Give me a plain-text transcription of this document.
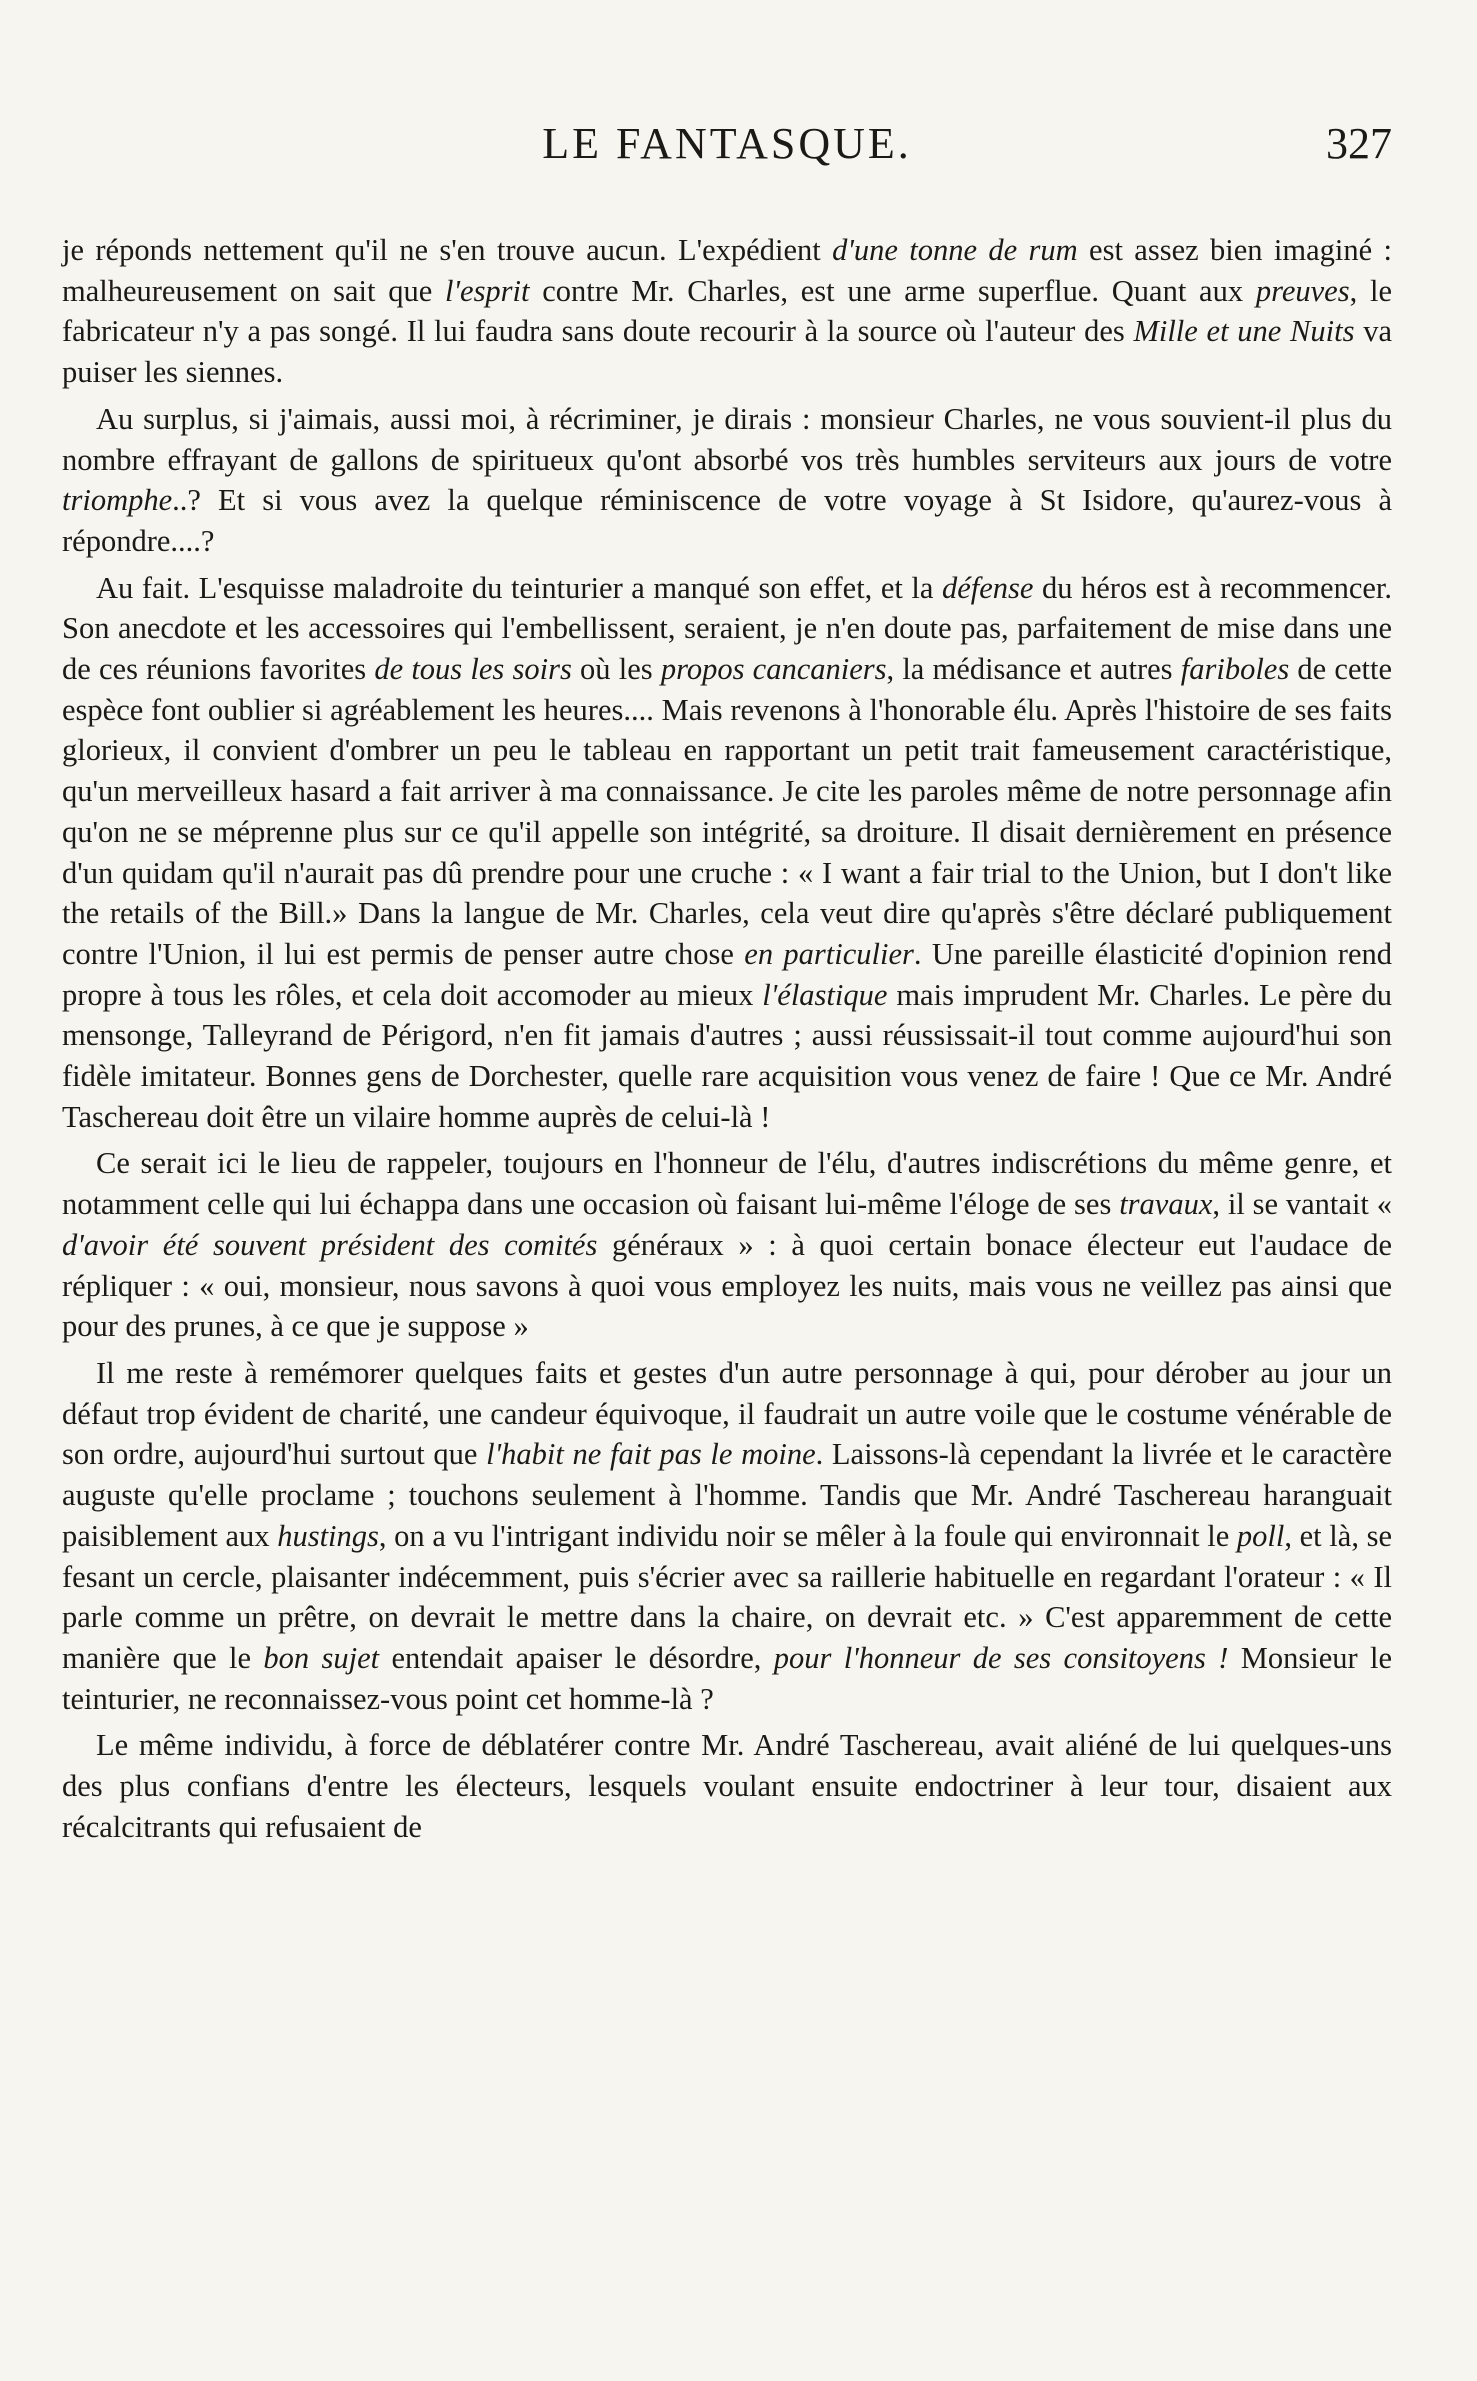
LE FANTASQUE.	327

je réponds nettement qu'il ne s'en trouve aucun. L'expédient d'une tonne de rum est assez bien imaginé : malheureusement on sait que l'esprit contre Mr. Charles, est une arme superflue. Quant aux preuves, le fabricateur n'y a pas songé. Il lui faudra sans doute recourir à la source où l'auteur des Mille et une Nuits va puiser les siennes.

Au surplus, si j'aimais, aussi moi, à récriminer, je dirais : monsieur Charles, ne vous souvient-il plus du nombre effrayant de gallons de spiritueux qu'ont absorbé vos très humbles serviteurs aux jours de votre triomphe..? Et si vous avez la quelque réminiscence de votre voyage à St Isidore, qu'aurez-vous à répondre....?

Au fait. L'esquisse maladroite du teinturier a manqué son effet, et la défense du héros est à recommencer. Son anecdote et les accessoires qui l'embellissent, seraient, je n'en doute pas, parfaitement de mise dans une de ces réunions favorites de tous les soirs où les propos cancaniers, la médisance et autres fariboles de cette espèce font oublier si agréablement les heures.... Mais revenons à l'honorable élu. Après l'histoire de ses faits glorieux, il convient d'ombrer un peu le tableau en rapportant un petit trait fameusement caractéristique, qu'un merveilleux hasard a fait arriver à ma connaissance. Je cite les paroles même de notre personnage afin qu'on ne se méprenne plus sur ce qu'il appelle son intégrité, sa droiture. Il disait dernièrement en présence d'un quidam qu'il n'aurait pas dû prendre pour une cruche : « I want a fair trial to the Union, but I don't like the retails of the Bill.» Dans la langue de Mr. Charles, cela veut dire qu'après s'être déclaré publiquement contre l'Union, il lui est permis de penser autre chose en particulier. Une pareille élasticité d'opinion rend propre à tous les rôles, et cela doit accomoder au mieux l'élastique mais imprudent Mr. Charles. Le père du mensonge, Talleyrand de Périgord, n'en fit jamais d'autres ; aussi réussissait-il tout comme aujourd'hui son fidèle imitateur. Bonnes gens de Dorchester, quelle rare acquisition vous venez de faire ! Que ce Mr. André Taschereau doit être un vilaire homme auprès de celui-là !

Ce serait ici le lieu de rappeler, toujours en l'honneur de l'élu, d'autres indiscrétions du même genre, et notamment celle qui lui échappa dans une occasion où faisant lui-même l'éloge de ses travaux, il se vantait « d'avoir été souvent président des comités généraux » : à quoi certain bonace électeur eut l'audace de répliquer : « oui, monsieur, nous savons à quoi vous employez les nuits, mais vous ne veillez pas ainsi que pour des prunes, à ce que je suppose »

Il me reste à remémorer quelques faits et gestes d'un autre personnage à qui, pour dérober au jour un défaut trop évident de charité, une candeur équivoque, il faudrait un autre voile que le costume vénérable de son ordre, aujourd'hui surtout que l'habit ne fait pas le moine. Laissons-là cependant la livrée et le caractère auguste qu'elle proclame ; touchons seulement à l'homme. Tandis que Mr. André Taschereau haranguait paisiblement aux hustings, on a vu l'intrigant individu noir se mêler à la foule qui environnait le poll, et là, se fesant un cercle, plaisanter indécemment, puis s'écrier avec sa raillerie habituelle en regardant l'orateur : « Il parle comme un prêtre, on devrait le mettre dans la chaire, on devrait etc. » C'est apparemment de cette manière que le bon sujet entendait apaiser le désordre, pour l'honneur de ses consitoyens ! Monsieur le teinturier, ne reconnaissez-vous point cet homme-là ?

Le même individu, à force de déblatérer contre Mr. André Taschereau, avait aliéné de lui quelques-uns des plus confians d'entre les électeurs, lesquels voulant ensuite endoctriner à leur tour, disaient aux récalcitrants qui refusaient de
